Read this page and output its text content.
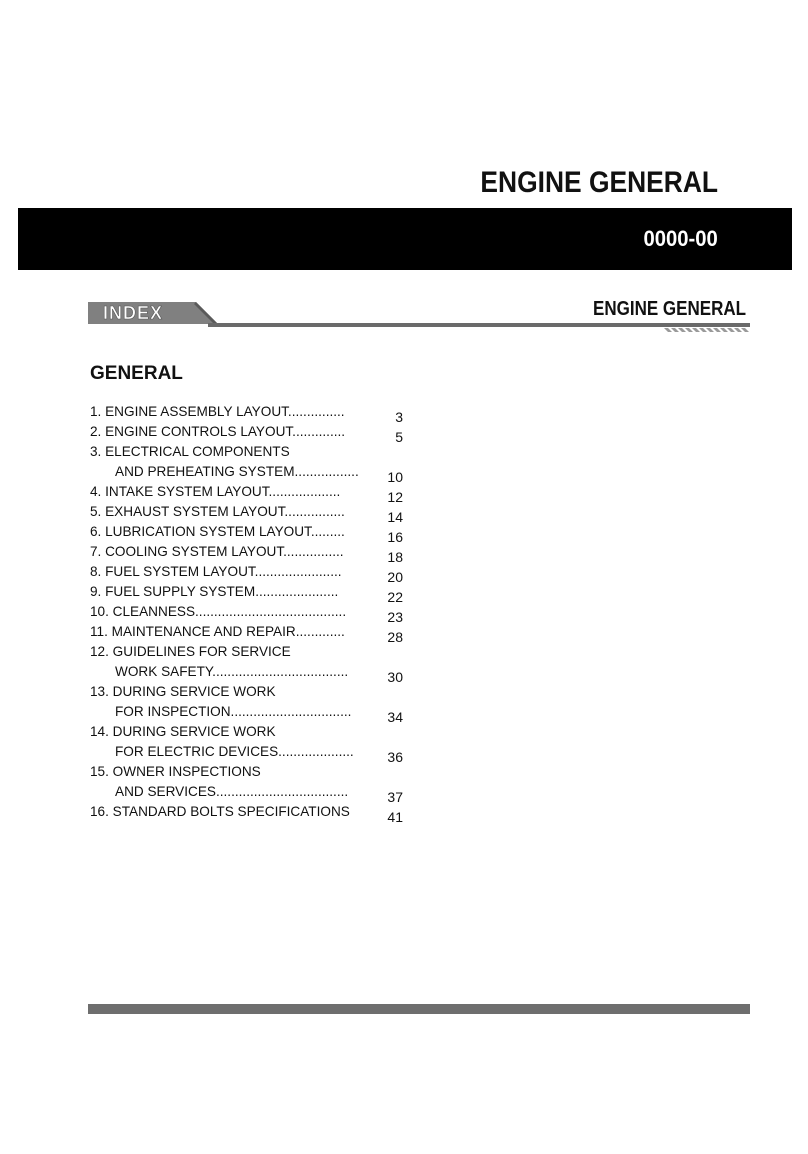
ENGINE GENERAL
0000-00
INDEX	ENGINE GENERAL
GENERAL
1. ENGINE ASSEMBLY LAYOUT...............	3
2. ENGINE CONTROLS LAYOUT..............	5
3. ELECTRICAL COMPONENTS
AND PREHEATING SYSTEM.................	10
4. INTAKE SYSTEM LAYOUT...................	12
5. EXHAUST SYSTEM LAYOUT................	14
6. LUBRICATION SYSTEM LAYOUT.........	16
7. COOLING SYSTEM LAYOUT................	18
8. FUEL SYSTEM LAYOUT.......................	20
9. FUEL SUPPLY SYSTEM......................	22
10. CLEANNESS........................................	23
11. MAINTENANCE AND REPAIR.............	28
12. GUIDELINES FOR SERVICE
WORK SAFETY....................................	30
13. DURING SERVICE WORK
FOR INSPECTION................................	34
14. DURING SERVICE WORK
FOR ELECTRIC DEVICES....................	36
15. OWNER INSPECTIONS
AND SERVICES...................................	37
16. STANDARD BOLTS SPECIFICATIONS	41
